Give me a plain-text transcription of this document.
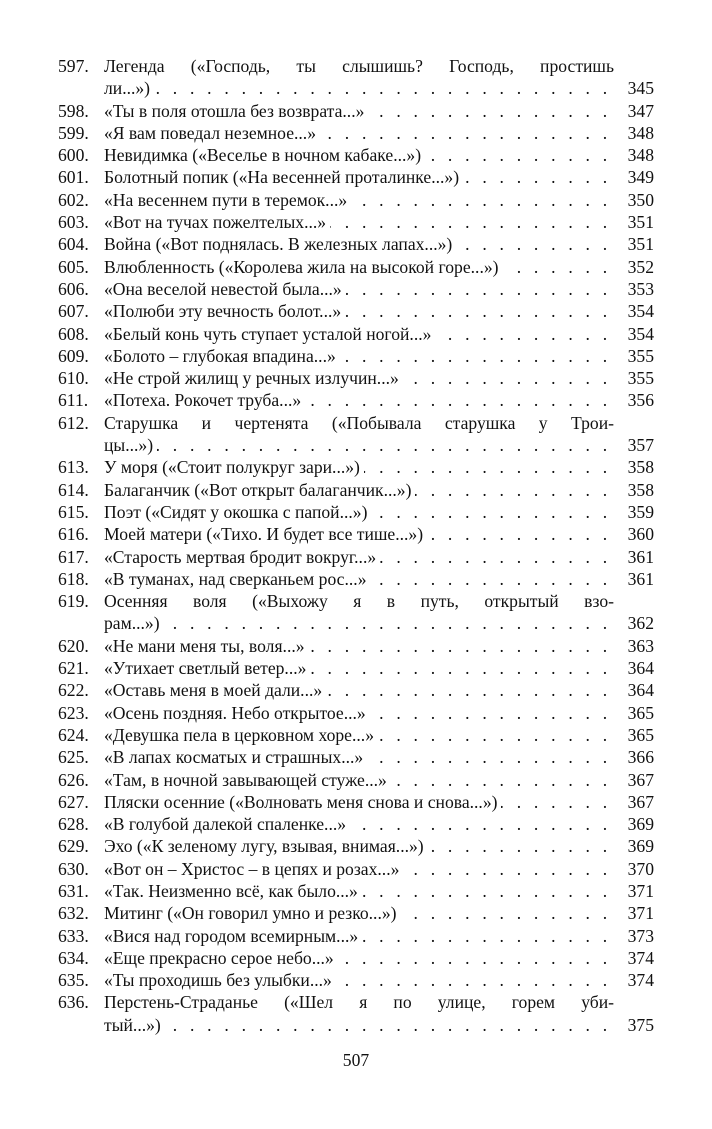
597. Легенда («Господь, ты слышишь? Господь, простишь
ли...») . . .	345
598. «Ты в поля отошла без возврата...» . . .	347
599. «Я вам поведал неземное...» . . .	348
600. Невидимка («Веселье в ночном кабаке...») . . .	348
601. Болотный попик («На весенней проталинке...») . . .	349
602. «На весеннем пути в теремок...» . . .	350
603. «Вот на тучах пожелтелых...» . . .	351
604. Война («Вот поднялась. В железных лапах...») . . .	351
605. Влюбленность («Королева жила на высокой горе...») . . .	352
606. «Она веселой невестой была...» . . .	353
607. «Полюби эту вечность болот...» . . .	354
608. «Белый конь чуть ступает усталой ногой...» . . .	354
609. «Болото – глубокая впадина...» . . .	355
610. «Не строй жилищ у речных излучин...» . . .	355
611. «Потеха. Рокочет труба...» . . .	356
612. Старушка и чертенята («Побывала старушка у Трои-
цы...») . . .	357
613. У моря («Стоит полукруг зари...») . . .	358
614. Балаганчик («Вот открыт балаганчик...») . . .	358
615. Поэт («Сидят у окошка с папой...») . . .	359
616. Моей матери («Тихо. И будет все тише...») . . .	360
617. «Старость мертвая бродит вокруг...» . . .	361
618. «В туманах, над сверканьем рос...» . . .	361
619. Осенняя воля («Выхожу я в путь, открытый взо-
рам...») . . .	362
620. «Не мани меня ты, воля...» . . .	363
621. «Утихает светлый ветер...» . . .	364
622. «Оставь меня в моей дали...» . . .	364
623. «Осень поздняя. Небо открытое...» . . .	365
624. «Девушка пела в церковном хоре...» . . .	365
625. «В лапах косматых и страшных...» . . .	366
626. «Там, в ночной завывающей стуже...» . . .	367
627. Пляски осенние («Волновать меня снова и снова...») . . .	367
628. «В голубой далекой спаленке...» . . .	369
629. Эхо («К зеленому лугу, взывая, внимая...») . . .	369
630. «Вот он – Христос – в цепях и розах...» . . .	370
631. «Так. Неизменно всё, как было...» . . .	371
632. Митинг («Он говорил умно и резко...») . . .	371
633. «Вися над городом всемирным...» . . .	373
634. «Еще прекрасно серое небо...» . . .	374
635. «Ты проходишь без улыбки...» . . .	374
636. Перстень-Страданье («Шел я по улице, горем уби-
тый...») . . .	375
507
